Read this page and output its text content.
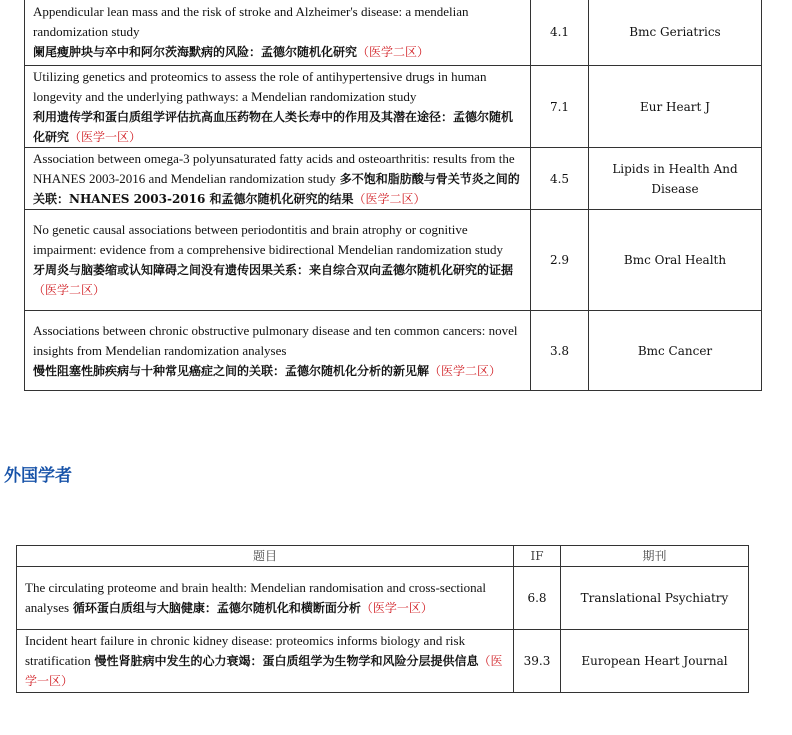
Appendicular lean mass and the risk of stroke and Alzheimer's disease: a mendelian randomization study
阑尾瘦肿块与卒中和阿尔茨海默病的风险：孟德尔随机化研究（医学二区）	4.1	Bmc Geriatrics
Utilizing genetics and proteomics to assess the role of antihypertensive drugs in human longevity and the underlying pathways: a Mendelian randomization study
利用遗传学和蛋白质组学评估抗高血压药物在人类长寿中的作用及其潜在途径：孟德尔随机化研究（医学一区）	7.1	Eur Heart J
Association between omega-3 polyunsaturated fatty acids and osteoarthritis: results from the NHANES 2003-2016 and Mendelian randomization study 多不饱和脂肪酸与骨关节炎之间的关联：NHANES 2003-2016 和孟德尔随机化研究的结果（医学二区）	4.5	Lipids in Health And Disease
No genetic causal associations between periodontitis and brain atrophy or cognitive impairment: evidence from a comprehensive bidirectional Mendelian randomization study
牙周炎与脑萎缩或认知障碍之间没有遗传因果关系：来自综合双向孟德尔随机化研究的证据（医学二区）	2.9	Bmc Oral Health
Associations between chronic obstructive pulmonary disease and ten common cancers: novel insights from Mendelian randomization analyses
慢性阻塞性肺疾病与十种常见癌症之间的关联：孟德尔随机化分析的新见解（医学二区）	3.8	Bmc Cancer
外国学者
题目	IF	期刊
The circulating proteome and brain health: Mendelian randomisation and cross-sectional analyses 循环蛋白质组与大脑健康：孟德尔随机化和横断面分析（医学一区）	6.8	Translational Psychiatry
Incident heart failure in chronic kidney disease: proteomics informs biology and risk stratification 慢性肾脏病中发生的心力衰竭：蛋白质组学为生物学和风险分层提供信息（医学一区）	39.3	European Heart Journal
